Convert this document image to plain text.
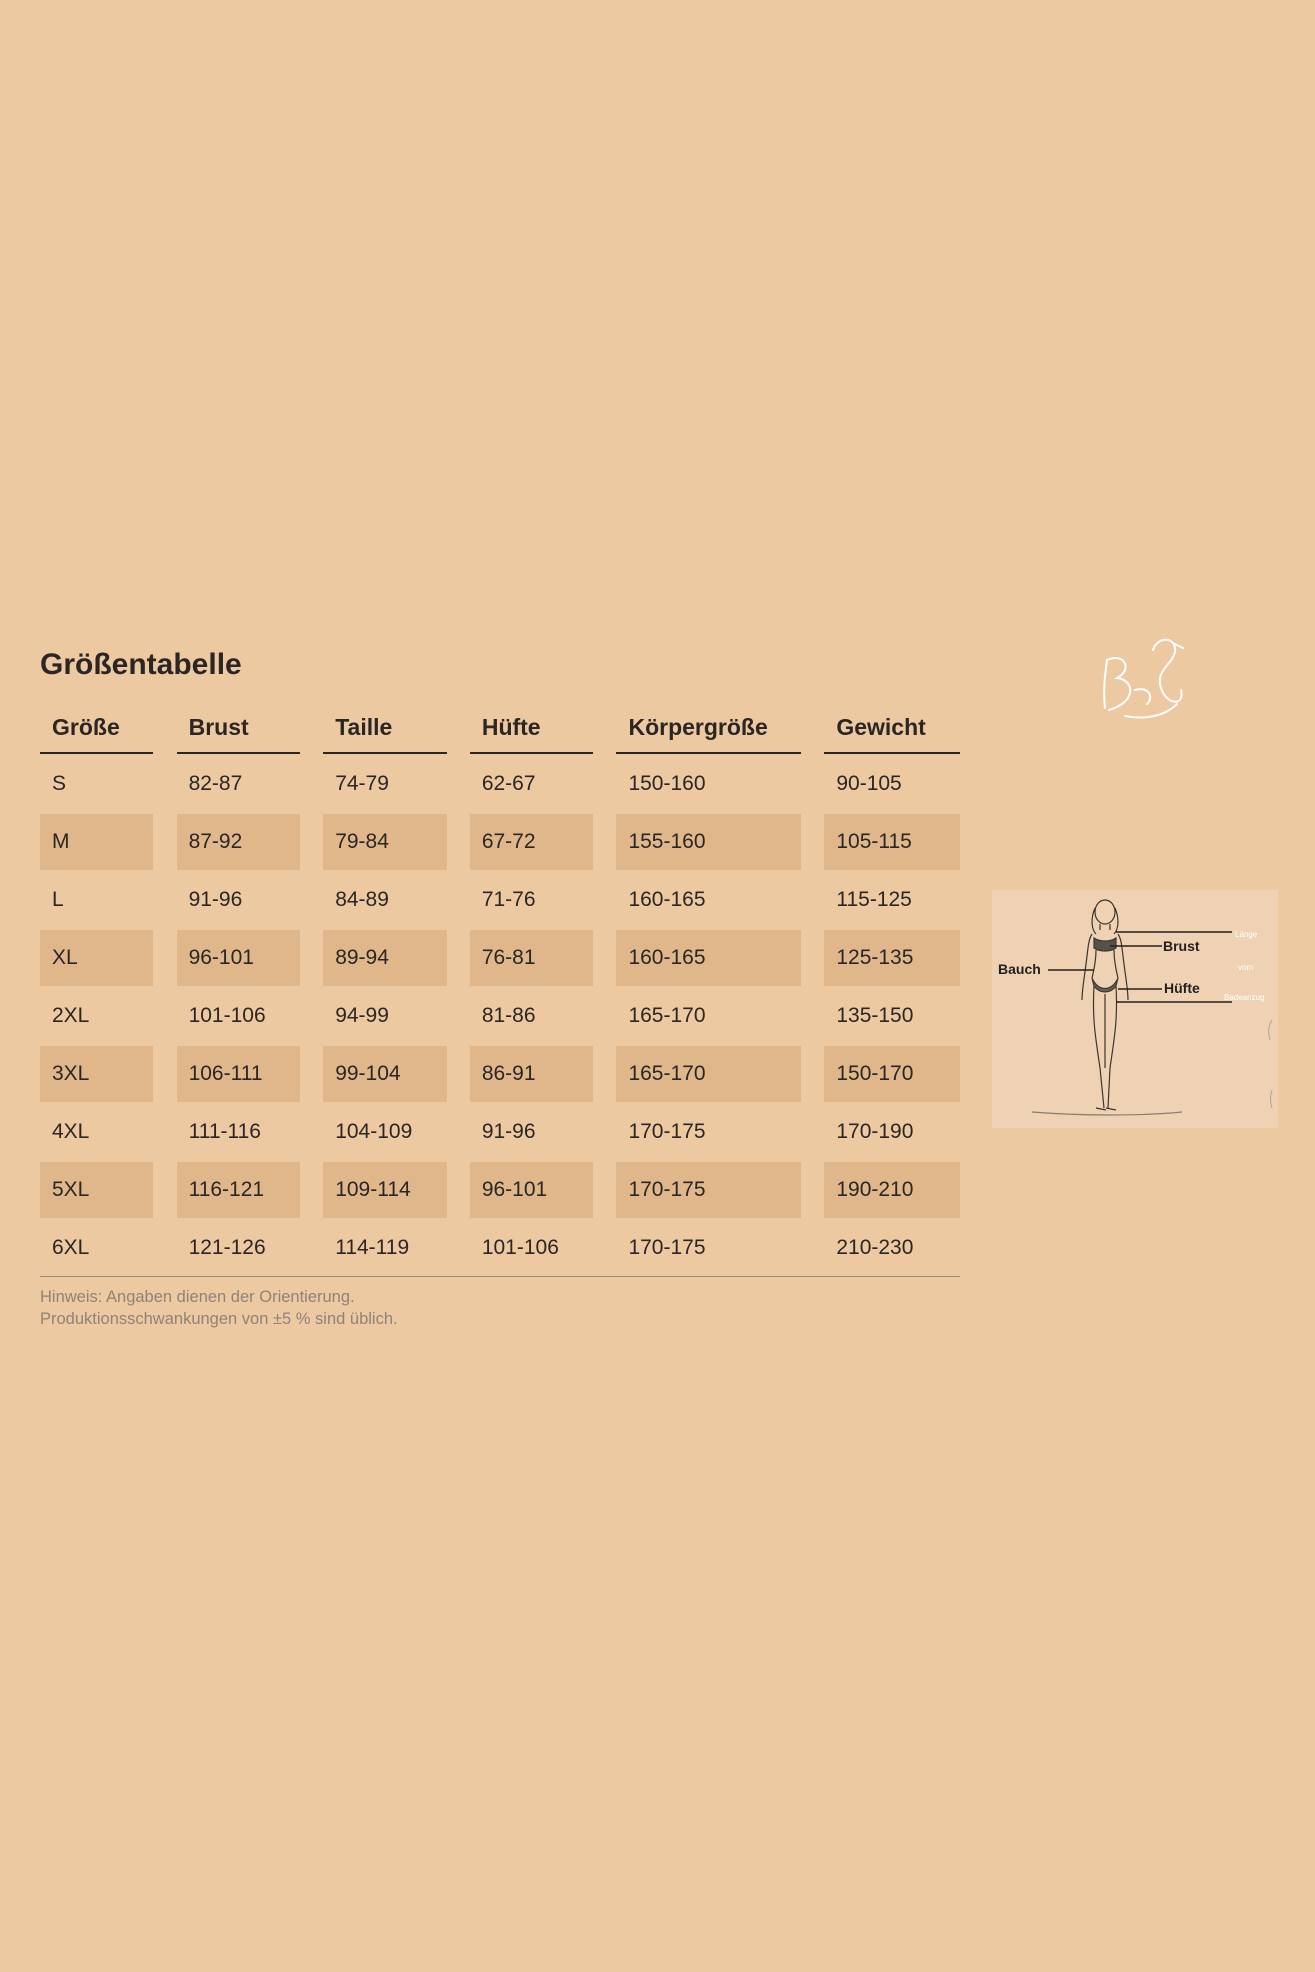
Größentabelle
Größe		Brust		Taille		Hüfte		Körpergröße		Gewicht

S		82-87		74-79		62-67		150-160		90-105

M		87-92		79-84		67-72		155-160		105-115

L		91-96		84-89		71-76		160-165		115-125

XL		96-101		89-94		76-81		160-165		125-135

2XL		101-106		94-99		81-86		165-170		135-150

3XL		106-111		99-104		86-91		165-170		150-170

4XL		111-116		104-109		91-96		170-175		170-190

5XL		116-121		109-114		96-101		170-175		190-210

6XL		121-126		114-119		101-106		170-175		210-230
Hinweis: Angaben dienen der Orientierung.
Produktionsschwankungen von ±5 % sind üblich.
Brust
Bauch
Hüfte
Länge
vom
Badeanzug
